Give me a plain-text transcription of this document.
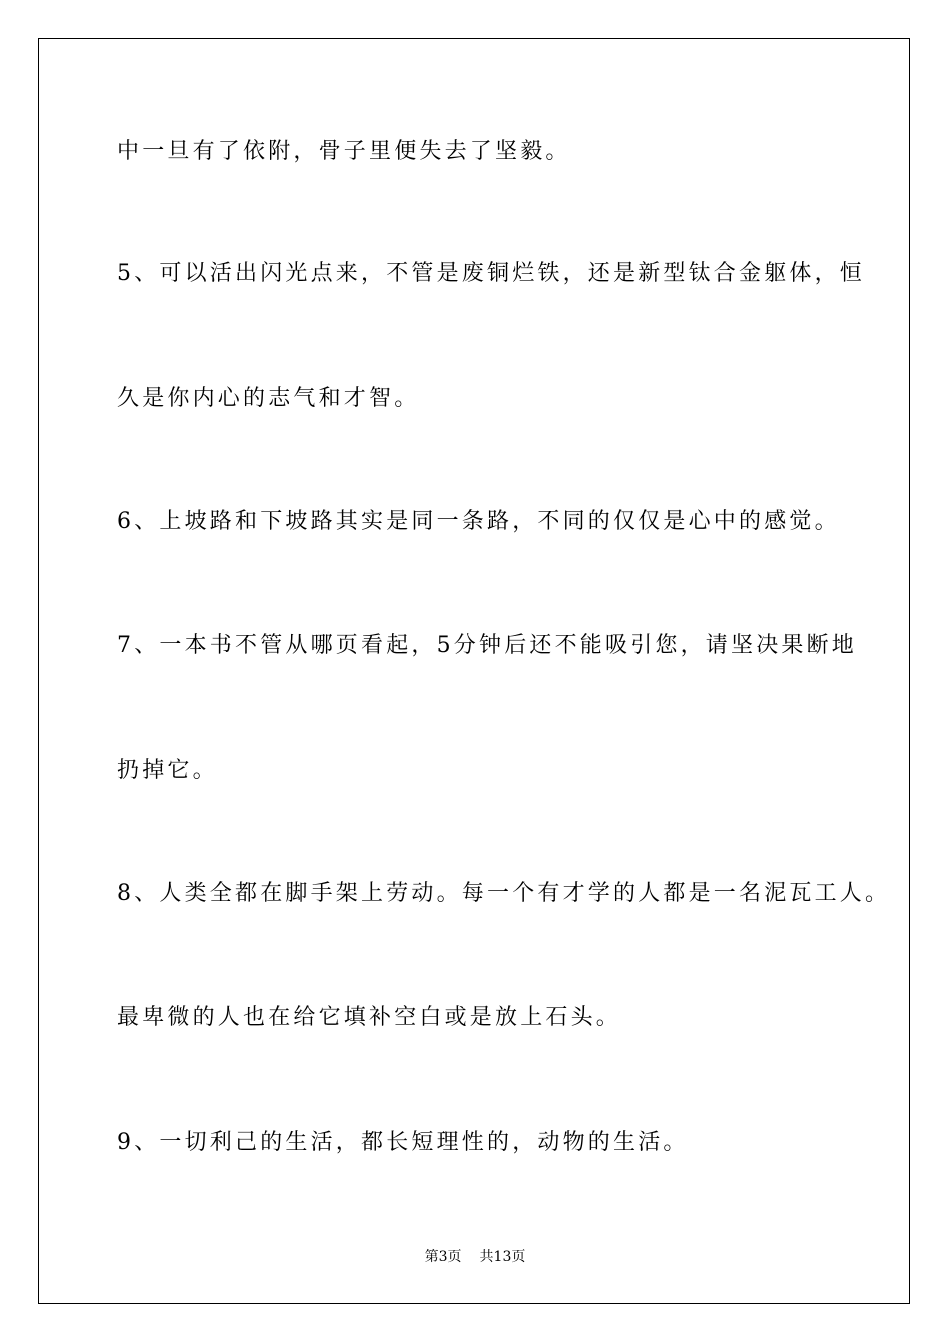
中一旦有了依附，骨子里便失去了坚毅。
5、可以活出闪光点来，不管是废铜烂铁，还是新型钛合金躯体，恒
久是你内心的志气和才智。
6、上坡路和下坡路其实是同一条路，不同的仅仅是心中的感觉。
7、一本书不管从哪页看起，5分钟后还不能吸引您，请坚决果断地
扔掉它。
8、人类全都在脚手架上劳动。每一个有才学的人都是一名泥瓦工人。
最卑微的人也在给它填补空白或是放上石头。
9、一切利己的生活，都长短理性的，动物的生活。
第3页 共13页
